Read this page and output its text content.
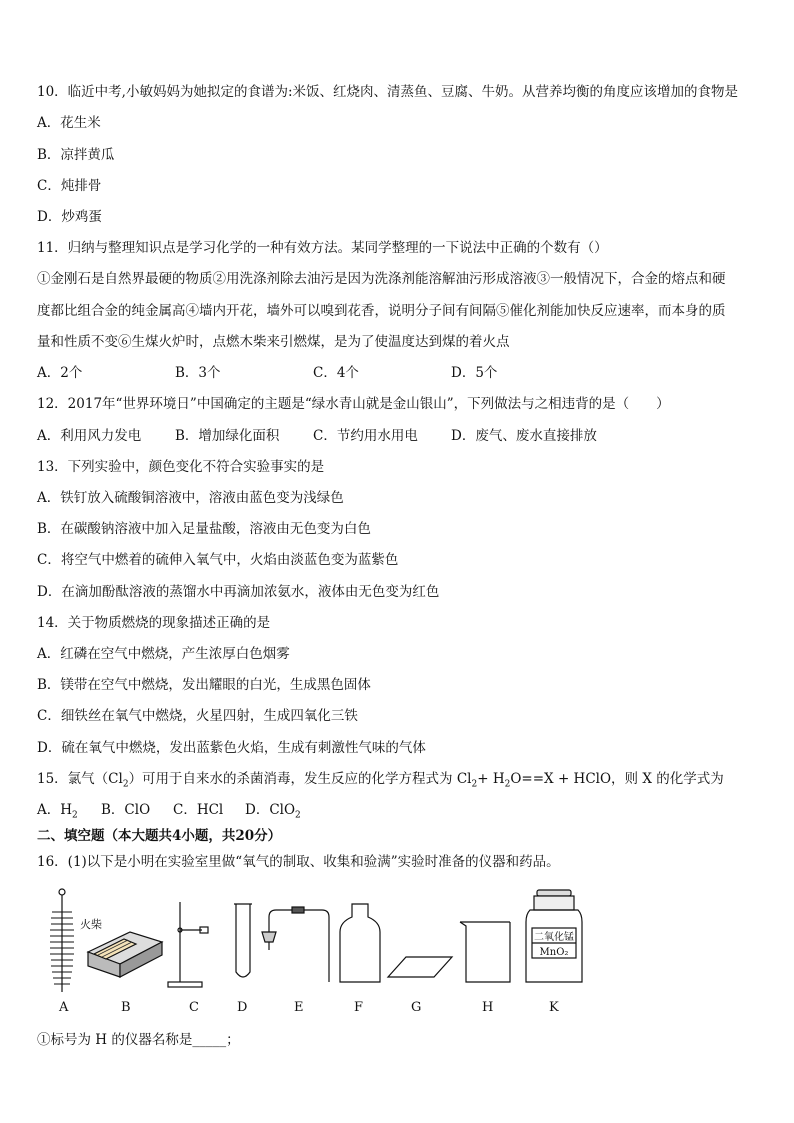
10．临近中考,小敏妈妈为她拟定的食谱为:米饭、红烧肉、清蒸鱼、豆腐、牛奶。从营养均衡的角度应该增加的食物是
A．花生米
B．凉拌黄瓜
C．炖排骨
D．炒鸡蛋
11．归纳与整理知识点是学习化学的一种有效方法。某同学整理的一下说法中正确的个数有（）
①金刚石是自然界最硬的物质②用洗涤剂除去油污是因为洗涤剂能溶解油污形成溶液③一般情况下，合金的熔点和硬
度都比组合金的纯金属高④墙内开花，墙外可以嗅到花香，说明分子间有间隔⑤催化剂能加快反应速率，而本身的质
量和性质不变⑥生煤火炉时，点燃木柴来引燃煤，是为了使温度达到煤的着火点
A．2个	B．3个	C．4个	D．5个
12．2017年“世界环境日”中国确定的主题是“绿水青山就是金山银山”，下列做法与之相违背的是（　　）
A．利用风力发电	B．增加绿化面积	C．节约用水用电	D．废气、废水直接排放
13．下列实验中，颜色变化不符合实验事实的是
A．铁钉放入硫酸铜溶液中，溶液由蓝色变为浅绿色
B．在碳酸钠溶液中加入足量盐酸，溶液由无色变为白色
C．将空气中燃着的硫伸入氧气中，火焰由淡蓝色变为蓝紫色
D．在滴加酚酞溶液的蒸馏水中再滴加浓氨水，液体由无色变为红色
14．关于物质燃烧的现象描述正确的是
A．红磷在空气中燃烧，产生浓厚白色烟雾
B．镁带在空气中燃烧，发出耀眼的白光，生成黑色固体
C．细铁丝在氧气中燃烧，火星四射，生成四氧化三铁
D．硫在氧气中燃烧，发出蓝紫色火焰，生成有刺激性气味的气体
15．氯气$(Cl_2)$可用于自来水的杀菌消毒，发生反应的化学方程式为 $Cl_2+ H_2O==X$ + HClO，则 X 的化学式为
A．$H_2$	B．ClO	C．HCl	D．ClO$_2$
二、填空题（本大题共4小题，共20分）
16．(1)以下是小明在实验室里做“氧气的制取、收集和验满”实验时准备的仪器和药品。
火柴
二氧化锰
MnO₂
A	B	C	D	E	F	G	H	K
①标号为 H 的仪器名称是_____；
